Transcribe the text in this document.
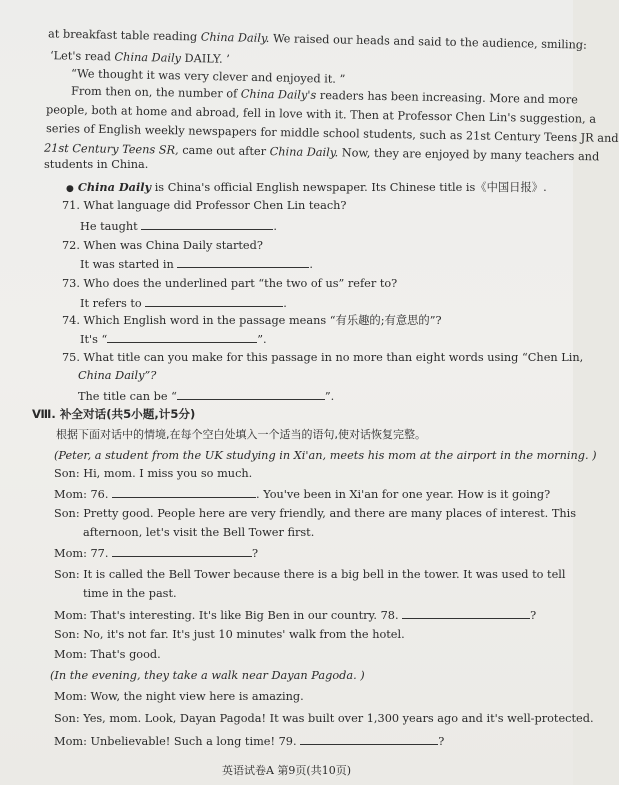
at breakfast table reading China Daily. We raised our heads and said to the audience, smiling:
‘Let's read China Daily DAILY. ’
“We thought it was very clever and enjoyed it. ”
From then on, the number of China Daily's readers has been increasing. More and more
people, both at home and abroad, fell in love with it. Then at Professor Chen Lin's suggestion, a
series of English weekly newspapers for middle school students, such as 21st Century Teens JR and
21st Century Teens SR, came out after China Daily. Now, they are enjoyed by many teachers and
students in China.
● China Daily is China's official English newspaper. Its Chinese title is《中国日报》.
71. What language did Professor Chen Lin teach?
He taught	.
72. When was China Daily started?
It was started in	.
73. Who does the underlined part “the two of us” refer to?
It refers to	.
74. Which English word in the passage means “有乐趣的;有意思的”?
It's “	”.
75. What title can you make for this passage in no more than eight words using “Chen Lin,
China Daily”?
The title can be “	”.
Ⅷ. 补全对话(共5小题,计5分)
根据下面对话中的情境,在每个空白处填入一个适当的语句,使对话恢复完整。
(Peter, a student from the UK studying in Xi'an, meets his mom at the airport in the morning. )
Son: Hi, mom. I miss you so much.
Mom: 76.	. You've been in Xi'an for one year. How is it going?
Son: Pretty good. People here are very friendly, and there are many places of interest. This
afternoon, let's visit the Bell Tower first.
Mom: 77.	?
Son: It is called the Bell Tower because there is a big bell in the tower. It was used to tell
time in the past.
Mom: That's interesting. It's like Big Ben in our country. 78.	?
Son: No, it's not far. It's just 10 minutes' walk from the hotel.
Mom: That's good.
(In the evening, they take a walk near Dayan Pagoda. )
Mom: Wow, the night view here is amazing.
Son: Yes, mom. Look, Dayan Pagoda! It was built over 1,300 years ago and it's well-protected.
Mom: Unbelievable! Such a long time! 79.	?
英语试卷A 第9页(共10页)
